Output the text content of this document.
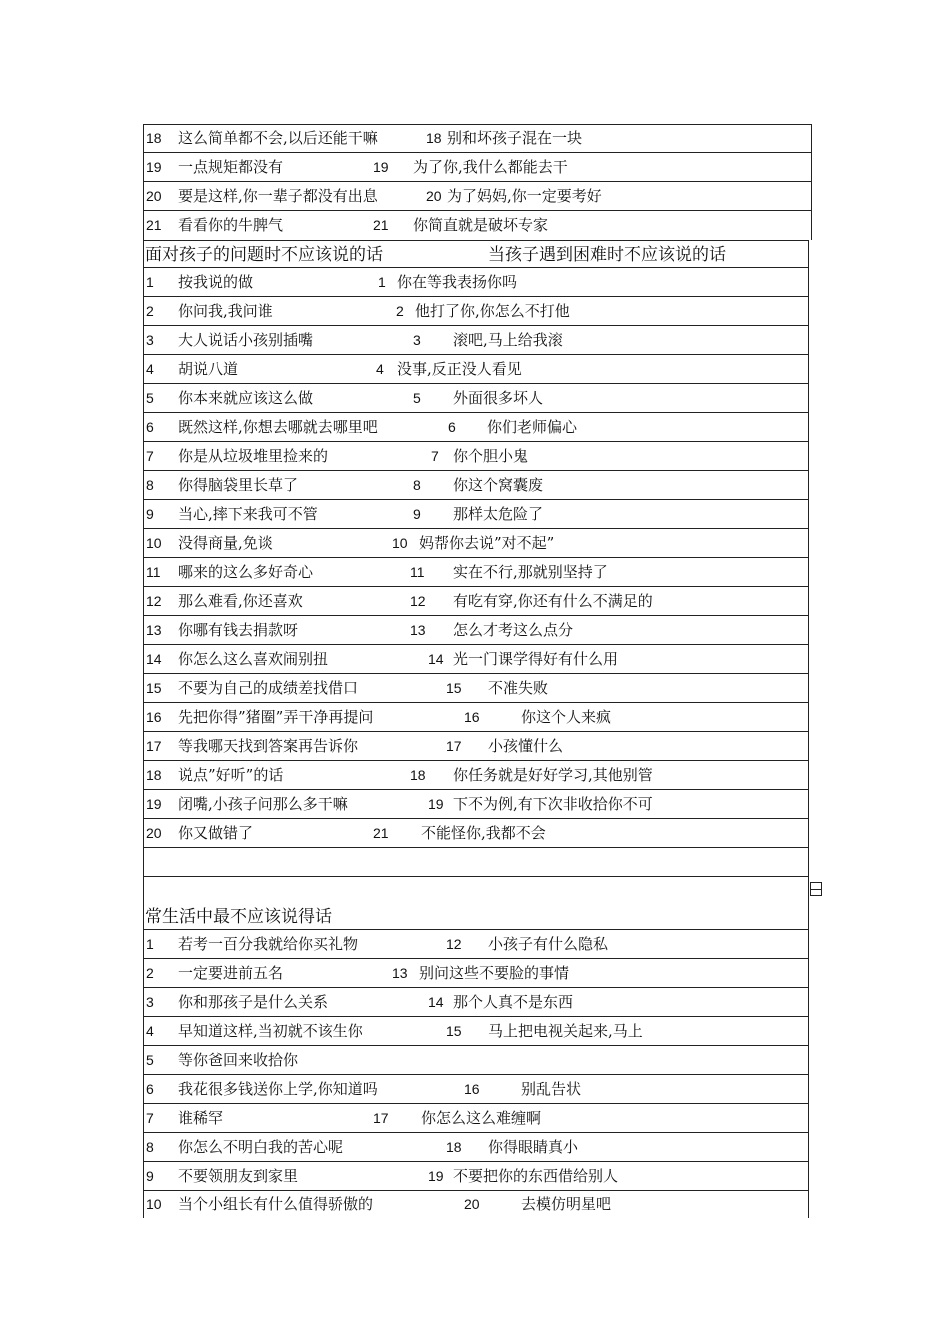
18 这么简单都不会,以后还能干嘛	18 别和坏孩子混在一块
19 一点规矩都没有	19 为了你,我什么都能去干
20 要是这样,你一辈子都没有出息	20 为了妈妈,你一定要考好
21 看看你的牛脾气	21 你简直就是破坏专家
面对孩子的问题时不应该说的话	当孩子遇到困难时不应该说的话
1 按我说的做	1 你在等我表扬你吗
2 你问我,我问谁	2 他打了你,你怎么不打他
3 大人说话小孩别插嘴	3 滚吧,马上给我滚
4 胡说八道	4 没事,反正没人看见
5 你本来就应该这么做	5 外面很多坏人
6 既然这样,你想去哪就去哪里吧	6 你们老师偏心
7 你是从垃圾堆里捡来的	7 你个胆小鬼
8 你得脑袋里长草了	8 你这个窝囊废
9 当心,摔下来我可不管	9 那样太危险了
10 没得商量,免谈	10 妈帮你去说”对不起”
11 哪来的这么多好奇心	11 实在不行,那就别坚持了
12 那么难看,你还喜欢	12 有吃有穿,你还有什么不满足的
13 你哪有钱去捐款呀	13 怎么才考这么点分
14 你怎么这么喜欢闹别扭	14 光一门课学得好有什么用
15 不要为自己的成绩差找借口	15 不准失败
16 先把你得”猪圈”弄干净再提问	16	你这个人来疯
17 等我哪天找到答案再告诉你	17 小孩懂什么
18 说点”好听”的话	18 你任务就是好好学习,其他别管
19 闭嘴,小孩子问那么多干嘛	19 下不为例,有下次非收拾你不可
20 你又做错了	21 不能怪你,我都不会
常生活中最不应该说得话
1 若考一百分我就给你买礼物	12 小孩子有什么隐私
2 一定要进前五名	13 别问这些不要脸的事情
3 你和那孩子是什么关系	14 那个人真不是东西
4 早知道这样,当初就不该生你	15 马上把电视关起来,马上
5 等你爸回来收拾你
6 我花很多钱送你上学,你知道吗	16	别乱告状
7 谁稀罕	17 你怎么这么难缠啊
8 你怎么不明白我的苦心呢	18 你得眼睛真小
9 不要领朋友到家里	19 不要把你的东西借给别人
10 当个小组长有什么值得骄傲的	20	去模仿明星吧
